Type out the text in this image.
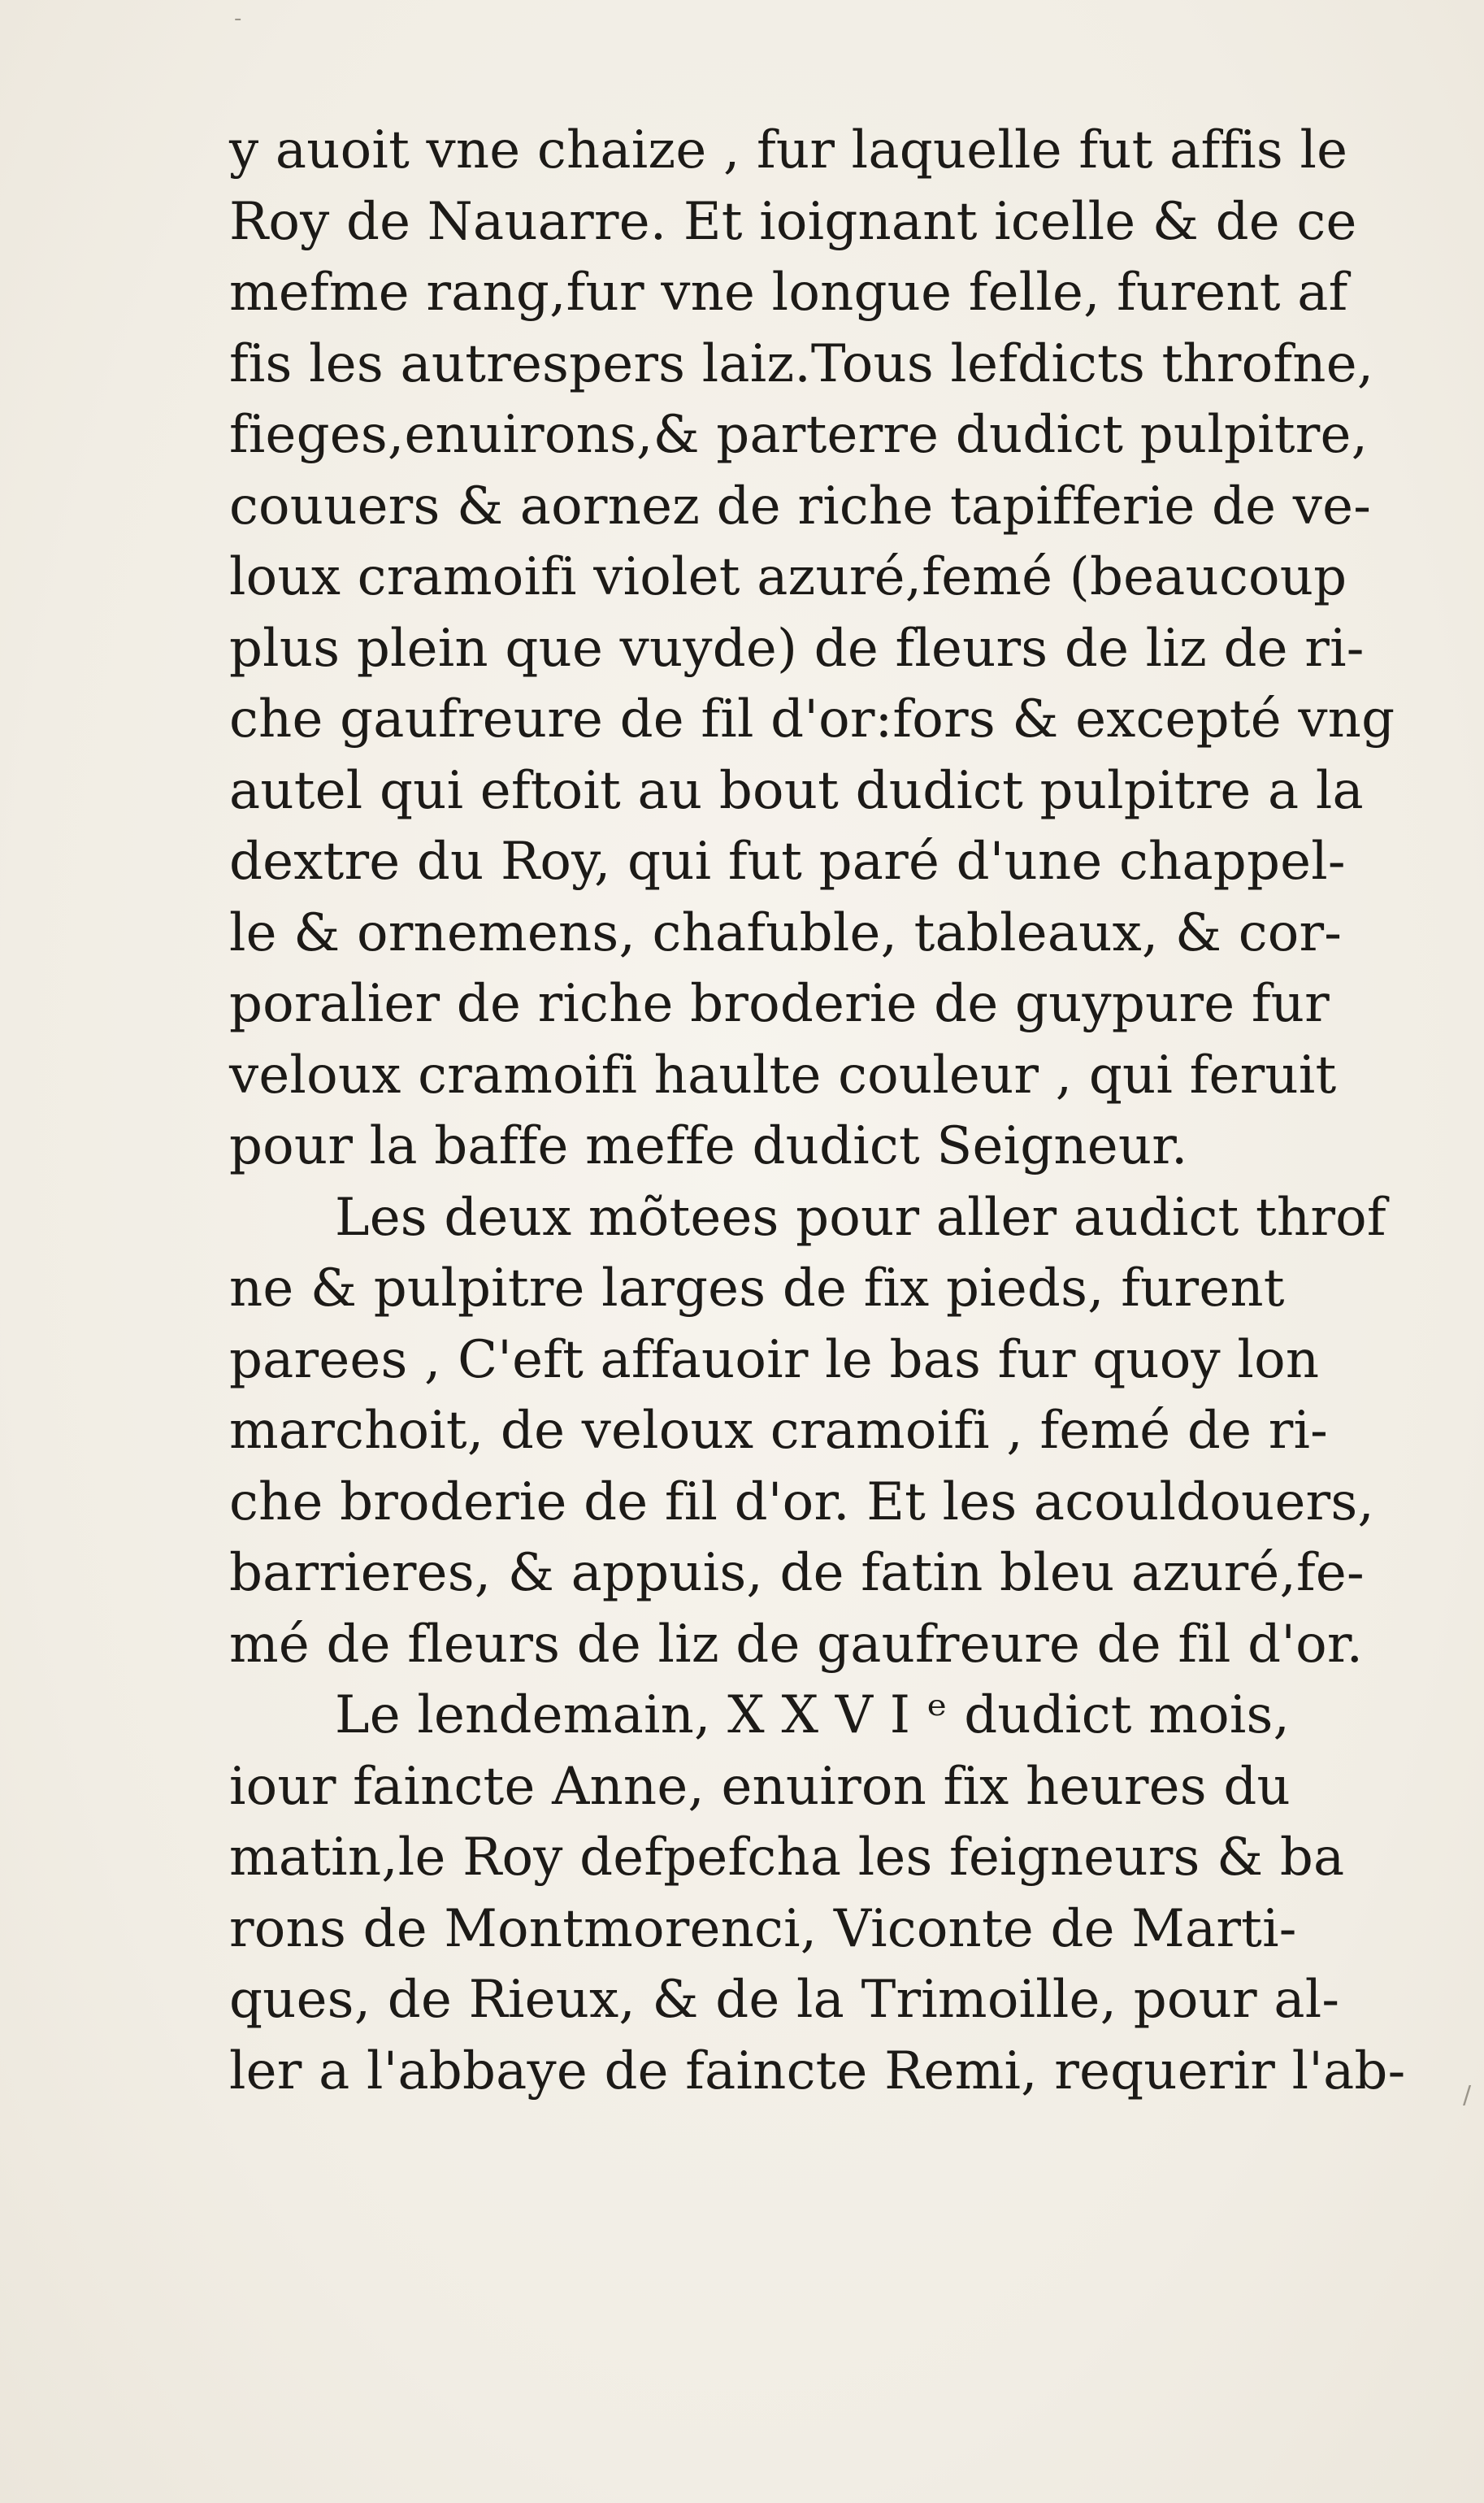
-
y auoit vne chaize , fur laquelle fut affis le
Roy de Nauarre. Et ioignant icelle & de ce
mefme rang,fur vne longue felle, furent af
fis les autrespers laiz.Tous lefdicts throfne,
fieges,enuirons,& parterre dudict pulpitre,
couuers & aornez de riche tapifferie de ve-
loux cramoifi violet azuré,femé (beaucoup
plus plein que vuyde) de fleurs de liz de ri-
che gaufreure de fil d'or:fors & excepté vng
autel qui eftoit au bout dudict pulpitre a la
dextre du Roy, qui fut paré d'une chappel-
le & ornemens, chafuble, tableaux, & cor-
poralier de riche broderie de guypure fur
veloux cramoifi haulte couleur , qui feruit
pour la baffe meffe dudict Seigneur.
Les deux mõtees pour aller audict throf
ne & pulpitre larges de fix pieds, furent
parees , C'eft affauoir le bas fur quoy lon
marchoit, de veloux cramoifi , femé de ri-
che broderie de fil d'or. Et les acouldouers,
barrieres, & appuis, de fatin bleu azuré,fe-
mé de fleurs de liz de gaufreure de fil d'or.
Le lendemain, X X V I ᵉ dudict mois,
iour faincte Anne, enuiron fix heures du
matin,le Roy defpefcha les feigneurs & ba
rons de Montmorenci, Viconte de Marti-
ques, de Rieux, & de la Trimoille, pour al-
ler a l'abbaye de faincte Remi, requerir l'ab- /
